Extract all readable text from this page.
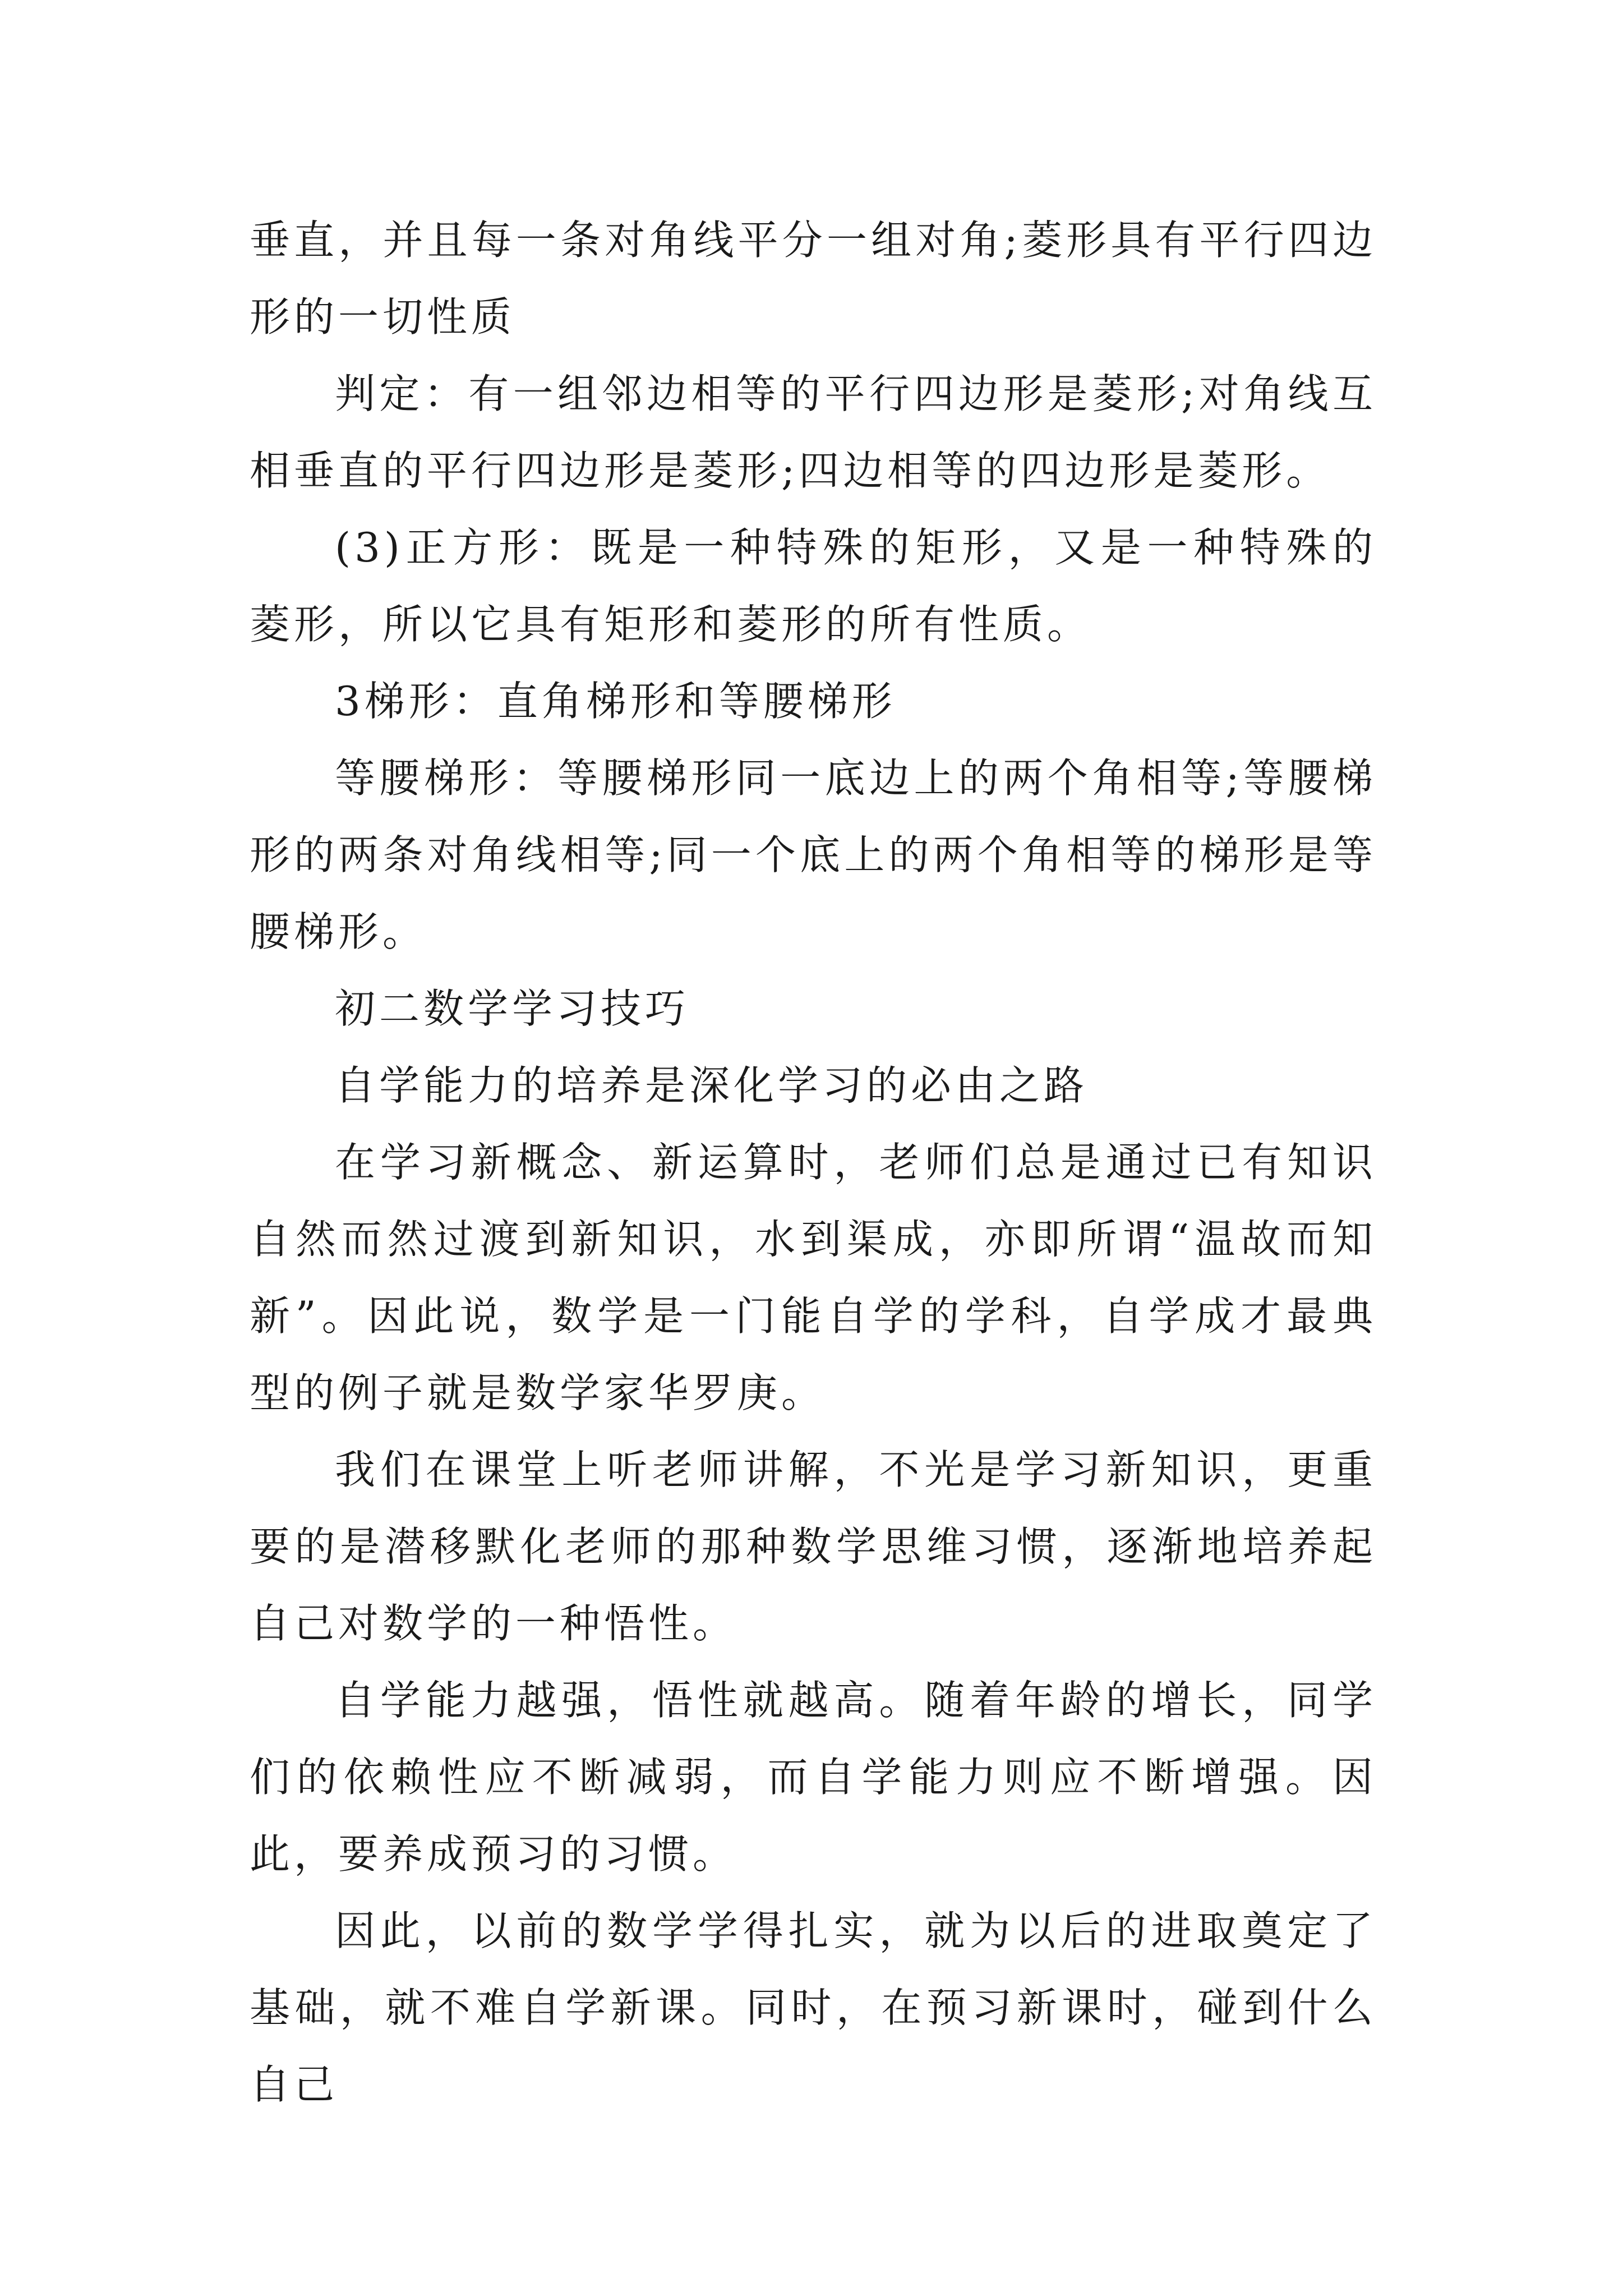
垂直，并且每一条对角线平分一组对角;菱形具有平行四边形的一切性质

判定：有一组邻边相等的平行四边形是菱形;对角线互相垂直的平行四边形是菱形;四边相等的四边形是菱形。

(3)正方形：既是一种特殊的矩形，又是一种特殊的菱形，所以它具有矩形和菱形的所有性质。

3梯形：直角梯形和等腰梯形

等腰梯形：等腰梯形同一底边上的两个角相等;等腰梯形的两条对角线相等;同一个底上的两个角相等的梯形是等腰梯形。

初二数学学习技巧

自学能力的培养是深化学习的必由之路

在学习新概念、新运算时，老师们总是通过已有知识自然而然过渡到新知识，水到渠成，亦即所谓“温故而知新”。因此说，数学是一门能自学的学科，自学成才最典型的例子就是数学家华罗庚。

我们在课堂上听老师讲解，不光是学习新知识，更重要的是潜移默化老师的那种数学思维习惯，逐渐地培养起自己对数学的一种悟性。

自学能力越强，悟性就越高。随着年龄的增长，同学们的依赖性应不断减弱，而自学能力则应不断增强。因此，要养成预习的习惯。

因此，以前的数学学得扎实，就为以后的进取奠定了基础，就不难自学新课。同时，在预习新课时，碰到什么自己
